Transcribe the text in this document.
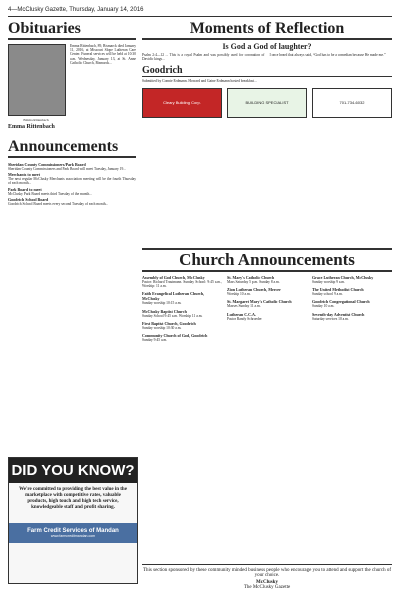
4—McClusky Gazette, Thursday, January 14, 2016
Obituaries
Emma Rittenbach, 89, Bismarck died January 11, 2016, at Missouri Slope Lutheran Care Center. Funeral services will be held at 10:30 a.m. Wednesday, January 13, at St. Anne Catholic Church, Bismarck...
Emma Rittenbach
Emma Rittenbach
Announcements
Sheridan County Commissioners/Park Board
Sheridan County Commissioners and Park Board will meet Tuesday, January 19...
Merchants to meet
The next regular McClusky Merchants association meeting will be the fourth Thursday of each month...
Park Board to meet
McClusky Park Board meets third Tuesday of the month...
Goodrich School Board
Goodrich School Board meets every second Tuesday of each month...
DID YOU KNOW?
We're committed to providing the best value in the marketplace with competitive rates, valuable products, high touch and high tech service, knowledgeable staff and profit sharing.
Farm Credit Services of Mandan
www.farmcreditmandan.com
Moments of Reflection
Is God a God of laughter?
Psalm 2:4—12 ... This is a royal Psalm and was possibly used for coronation of Davidic kings...
I once heard that always said, “God has to be a comedian because He made me.”
Goodrich
Submitted by Connie Erdmann. Howard and Gaine Erdmann hosted breakfast...
Cleary Building Corp.	BUILDING SPECIALIST	701-734-6032
Church Announcements
Assembly of God Church, McClusky
Pastor: Richard Trautmann. Sunday School: 9:45 a.m., Worship: 11 a.m.
Faith Evangelical Lutheran Church, McClusky
Sunday worship 10:15 a.m.
McClusky Baptist Church
Sunday School 9:45 a.m. Worship 11 a.m.
First Baptist Church, Goodrich
Sunday worship 10:30 a.m.
Community Church of God, Goodrich
Sunday 9:45 a.m.
St. Mary's Catholic Church
Mass Saturday 5 p.m. Sunday 8 a.m.
Zion Lutheran Church, Mercer
Worship 10 a.m.
St. Margaret Mary's Catholic Church
Masses Sunday 11 a.m.
Lutheran C.C.A.
Pastor Randy Schroeder
Grace Lutheran Church, McClusky
Sunday worship 9 a.m.
The United Methodist Church
Sunday school 9 a.m.
Goodrich Congregational Church
Sunday 10 a.m.
Seventh-day Adventist Church
Saturday services 10 a.m.
This section sponsored by these community minded business people who encourage you to attend and support the church of your choice.
McClusky
The McClusky Gazette
